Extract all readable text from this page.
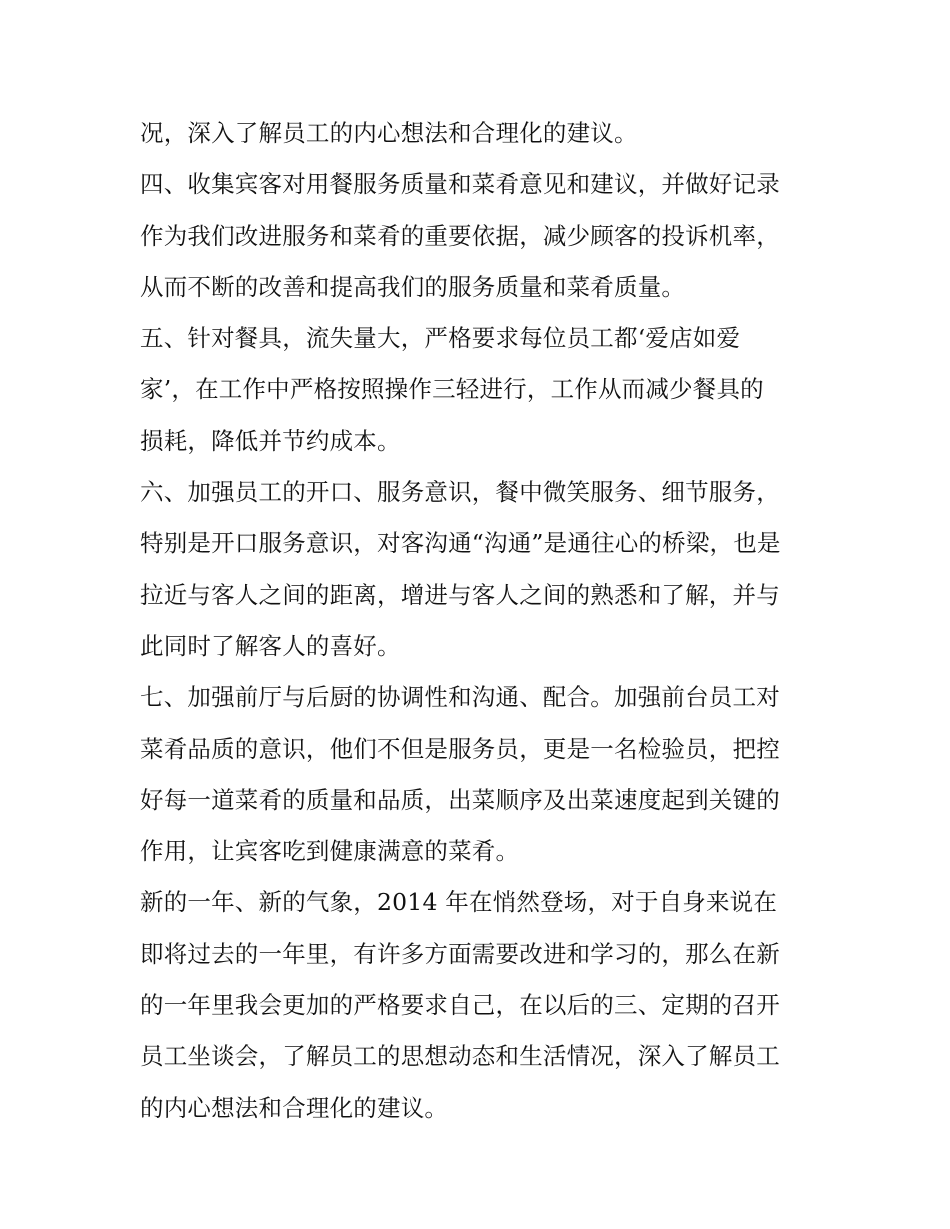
况，深入了解员工的内心想法和合理化的建议。
四、收集宾客对用餐服务质量和菜肴意见和建议，并做好记录
作为我们改进服务和菜肴的重要依据，减少顾客的投诉机率，
从而不断的改善和提高我们的服务质量和菜肴质量。
五、针对餐具，流失量大，严格要求每位员工都‘爱店如爱
家’，在工作中严格按照操作三轻进行，工作从而减少餐具的
损耗，降低并节约成本。
六、加强员工的开口、服务意识，餐中微笑服务、细节服务，
特别是开口服务意识，对客沟通“沟通”是通往心的桥梁，也是
拉近与客人之间的距离，增进与客人之间的熟悉和了解，并与
此同时了解客人的喜好。
七、加强前厅与后厨的协调性和沟通、配合。加强前台员工对
菜肴品质的意识，他们不但是服务员，更是一名检验员，把控
好每一道菜肴的质量和品质，出菜顺序及出菜速度起到关键的
作用，让宾客吃到健康满意的菜肴。
新的一年、新的气象，2014 年在悄然登场，对于自身来说在
即将过去的一年里，有许多方面需要改进和学习的，那么在新
的一年里我会更加的严格要求自己，在以后的三、定期的召开
员工坐谈会，了解员工的思想动态和生活情况，深入了解员工
的内心想法和合理化的建议。
